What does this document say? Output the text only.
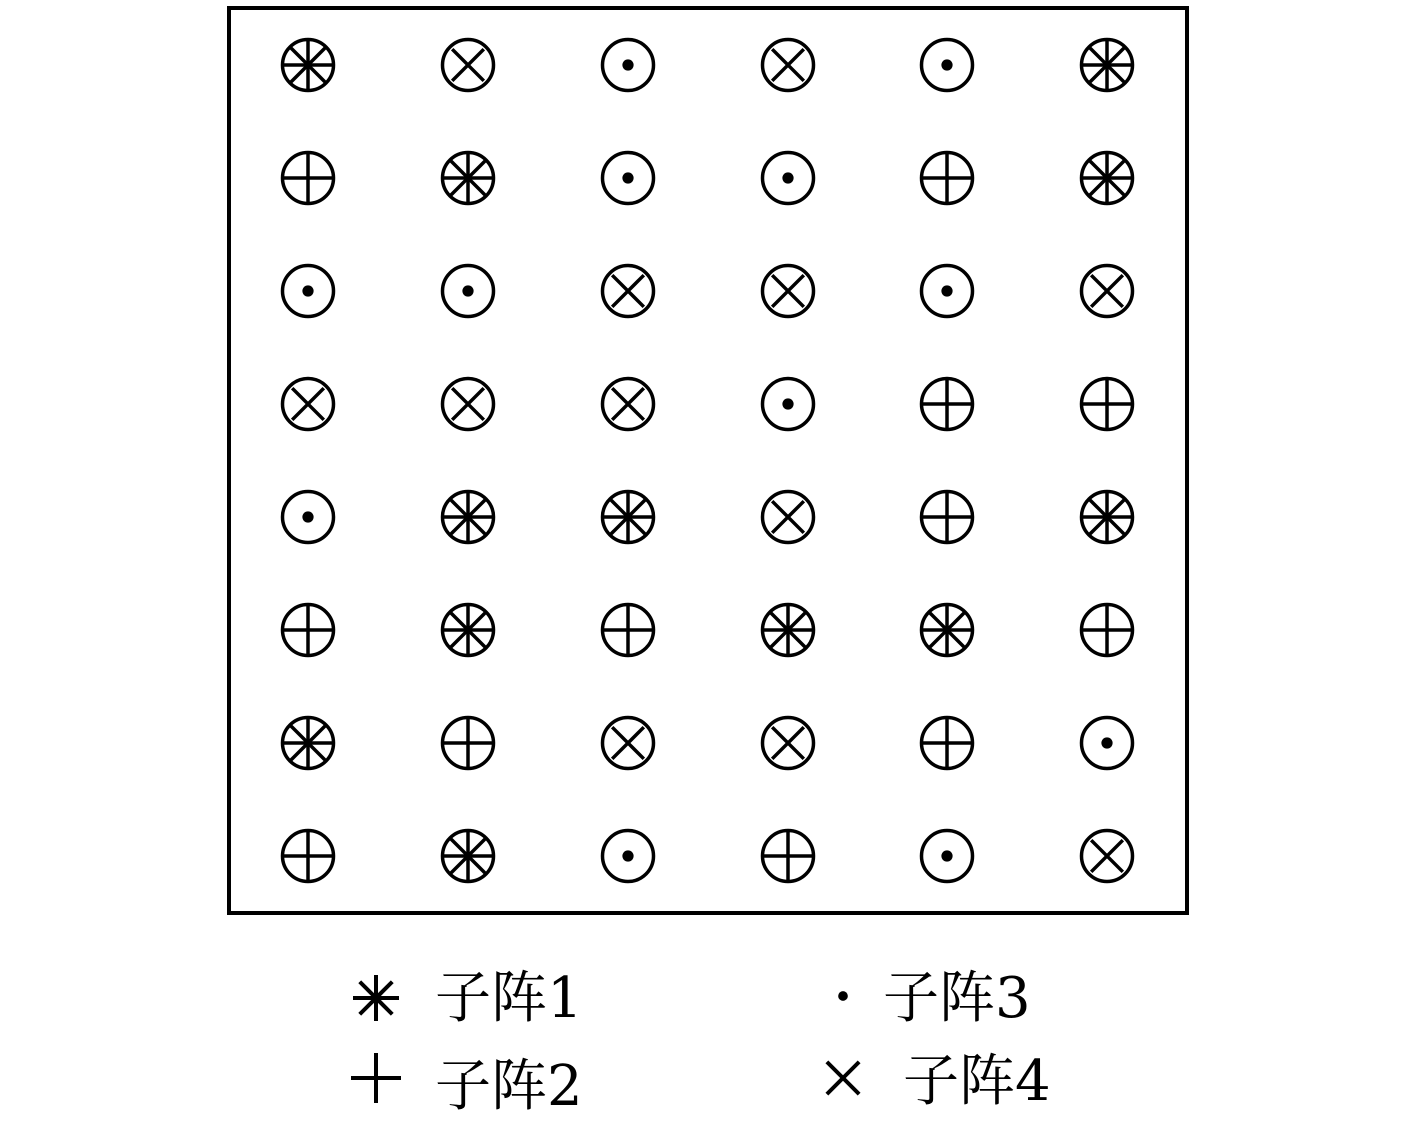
子阵1
子阵2
子阵3
子阵4
